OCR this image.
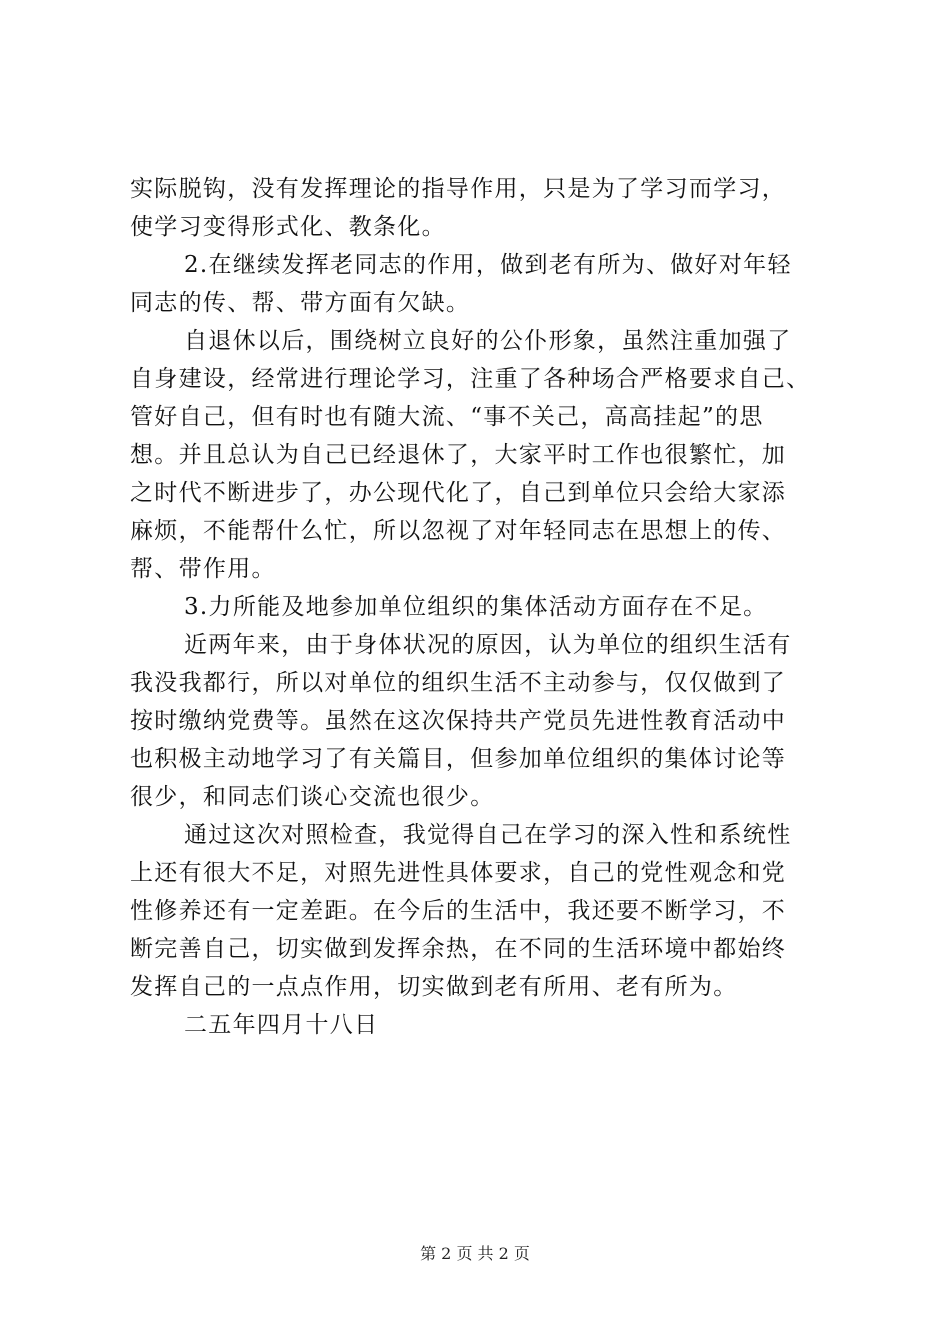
实际脱钩，没有发挥理论的指导作用，只是为了学习而学习，
使学习变得形式化、教条化。
2.在继续发挥老同志的作用，做到老有所为、做好对年轻
同志的传、帮、带方面有欠缺。
自退休以后，围绕树立良好的公仆形象，虽然注重加强了
自身建设，经常进行理论学习，注重了各种场合严格要求自己、
管好自己，但有时也有随大流、“事不关己，高高挂起”的思
想。并且总认为自己已经退休了，大家平时工作也很繁忙，加
之时代不断进步了，办公现代化了，自己到单位只会给大家添
麻烦，不能帮什么忙，所以忽视了对年轻同志在思想上的传、
帮、带作用。
3.力所能及地参加单位组织的集体活动方面存在不足。
近两年来，由于身体状况的原因，认为单位的组织生活有
我没我都行，所以对单位的组织生活不主动参与，仅仅做到了
按时缴纳党费等。虽然在这次保持共产党员先进性教育活动中
也积极主动地学习了有关篇目，但参加单位组织的集体讨论等
很少，和同志们谈心交流也很少。
通过这次对照检查，我觉得自己在学习的深入性和系统性
上还有很大不足，对照先进性具体要求，自己的党性观念和党
性修养还有一定差距。在今后的生活中，我还要不断学习，不
断完善自己，切实做到发挥余热，在不同的生活环境中都始终
发挥自己的一点点作用，切实做到老有所用、老有所为。
二五年四月十八日
第 2 页 共 2 页
